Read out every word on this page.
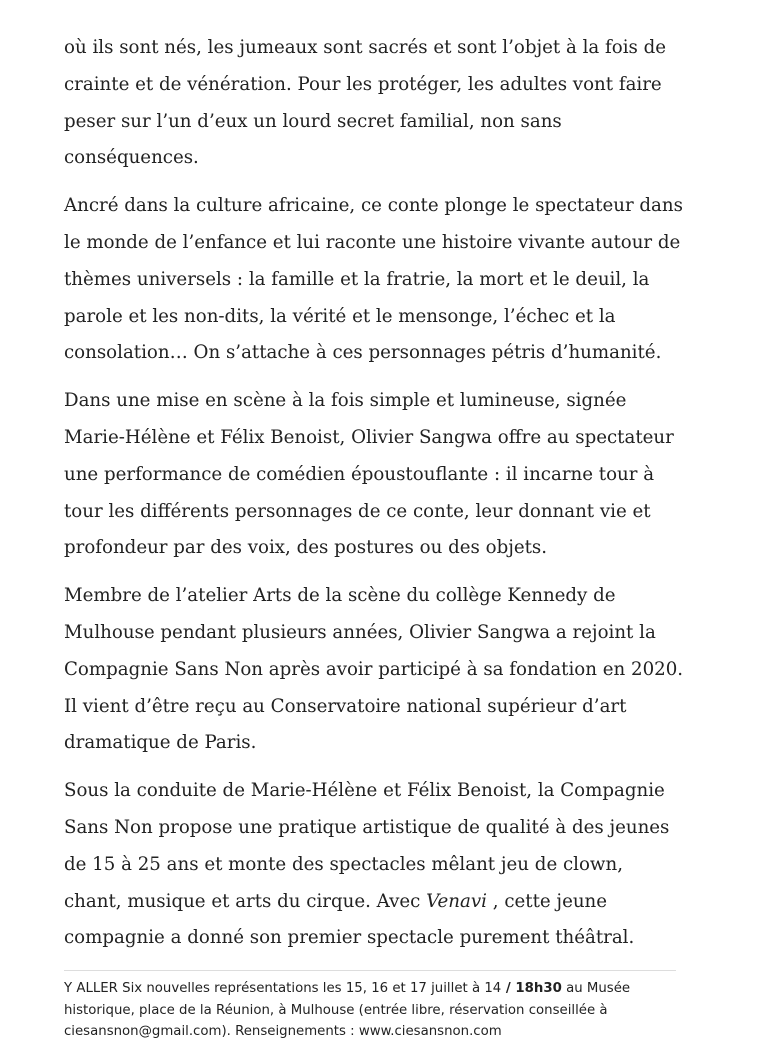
où ils sont nés, les jumeaux sont sacrés et sont l’objet à la fois de crainte et de vénération. Pour les protéger, les adultes vont faire peser sur l’un d’eux un lourd secret familial, non sans conséquences.

Ancré dans la culture africaine, ce conte plonge le spectateur dans le monde de l’enfance et lui raconte une histoire vivante autour de thèmes universels : la famille et la fratrie, la mort et le deuil, la parole et les non-dits, la vérité et le mensonge, l’échec et la consolation… On s’attache à ces personnages pétris d’humanité.

Dans une mise en scène à la fois simple et lumineuse, signée Marie-Hélène et Félix Benoist, Olivier Sangwa offre au spectateur une performance de comédien époustouflante : il incarne tour à tour les différents personnages de ce conte, leur donnant vie et profondeur par des voix, des postures ou des objets.

Membre de l’atelier Arts de la scène du collège Kennedy de Mulhouse pendant plusieurs années, Olivier Sangwa a rejoint la Compagnie Sans Non après avoir participé à sa fondation en 2020. Il vient d’être reçu au Conservatoire national supérieur d’art dramatique de Paris.

Sous la conduite de Marie-Hélène et Félix Benoist, la Compagnie Sans Non propose une pratique artistique de qualité à des jeunes de 15 à 25 ans et monte des spectacles mêlant jeu de clown, chant, musique et arts du cirque. Avec Venavi , cette jeune compagnie a donné son premier spectacle purement théâtral.

Y ALLER Six nouvelles représentations les 15, 16 et 17 juillet à 14 / 18h30 au Musée historique, place de la Réunion, à Mulhouse (entrée libre, réservation conseillée à ciesansnon@gmail.com). Renseignements : www.ciesansnon.com
